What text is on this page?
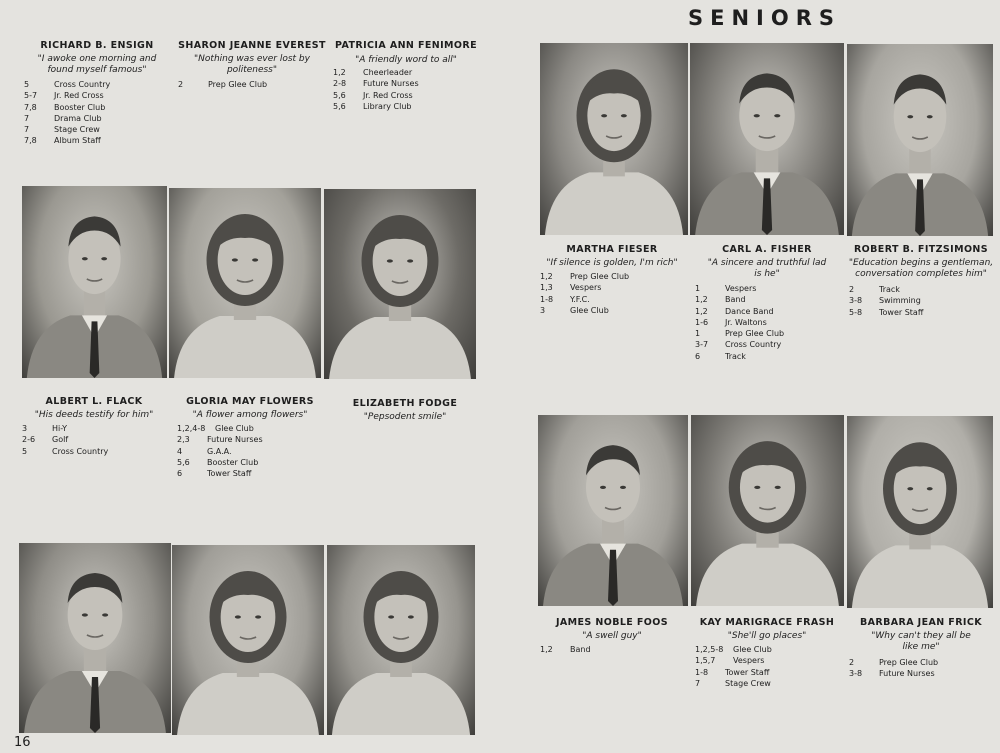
SENIORS
16
RICHARD B. ENSIGN
"I awoke one morning and
found myself famous"
5	Cross Country
5-7	Jr. Red Cross
7,8	Booster Club
7	Drama Club
7	Stage Crew
7,8	Album Staff
SHARON JEANNE EVEREST
"Nothing was ever lost by
politeness"
2	Prep Glee Club
PATRICIA ANN FENIMORE
"A friendly word to all"
1,2	Cheerleader
2-8	Future Nurses
5,6	Jr. Red Cross
5,6	Library Club
ALBERT L. FLACK
"His deeds testify for him"
3	Hi-Y
2-6	Golf
5	Cross Country
GLORIA MAY FLOWERS
"A flower among flowers"
1,2,4-8	Glee Club
2,3	Future Nurses
4	G.A.A.
5,6	Booster Club
6	Tower Staff
ELIZABETH FODGE
"Pepsodent smile"
MARTHA FIESER
"If silence is golden, I'm rich"
1,2	Prep Glee Club
1,3	Vespers
1-8	Y.F.C.
3	Glee Club
CARL A. FISHER
"A sincere and truthful lad
is he"
1	Vespers
1,2	Band
1,2	Dance Band
1-6	Jr. Waltons
1	Prep Glee Club
3-7	Cross Country
6	Track
ROBERT B. FITZSIMONS
"Education begins a gentleman,
conversation completes him"
2	Track
3-8	Swimming
5-8	Tower Staff
JAMES NOBLE FOOS
"A swell guy"
1,2	Band
KAY MARIGRACE FRASH
"She'll go places"
1,2,5-8	Glee Club
1,5,7	Vespers
1-8	Tower Staff
7	Stage Crew
BARBARA JEAN FRICK
"Why can't they all be
like me"
2	Prep Glee Club
3-8	Future Nurses
